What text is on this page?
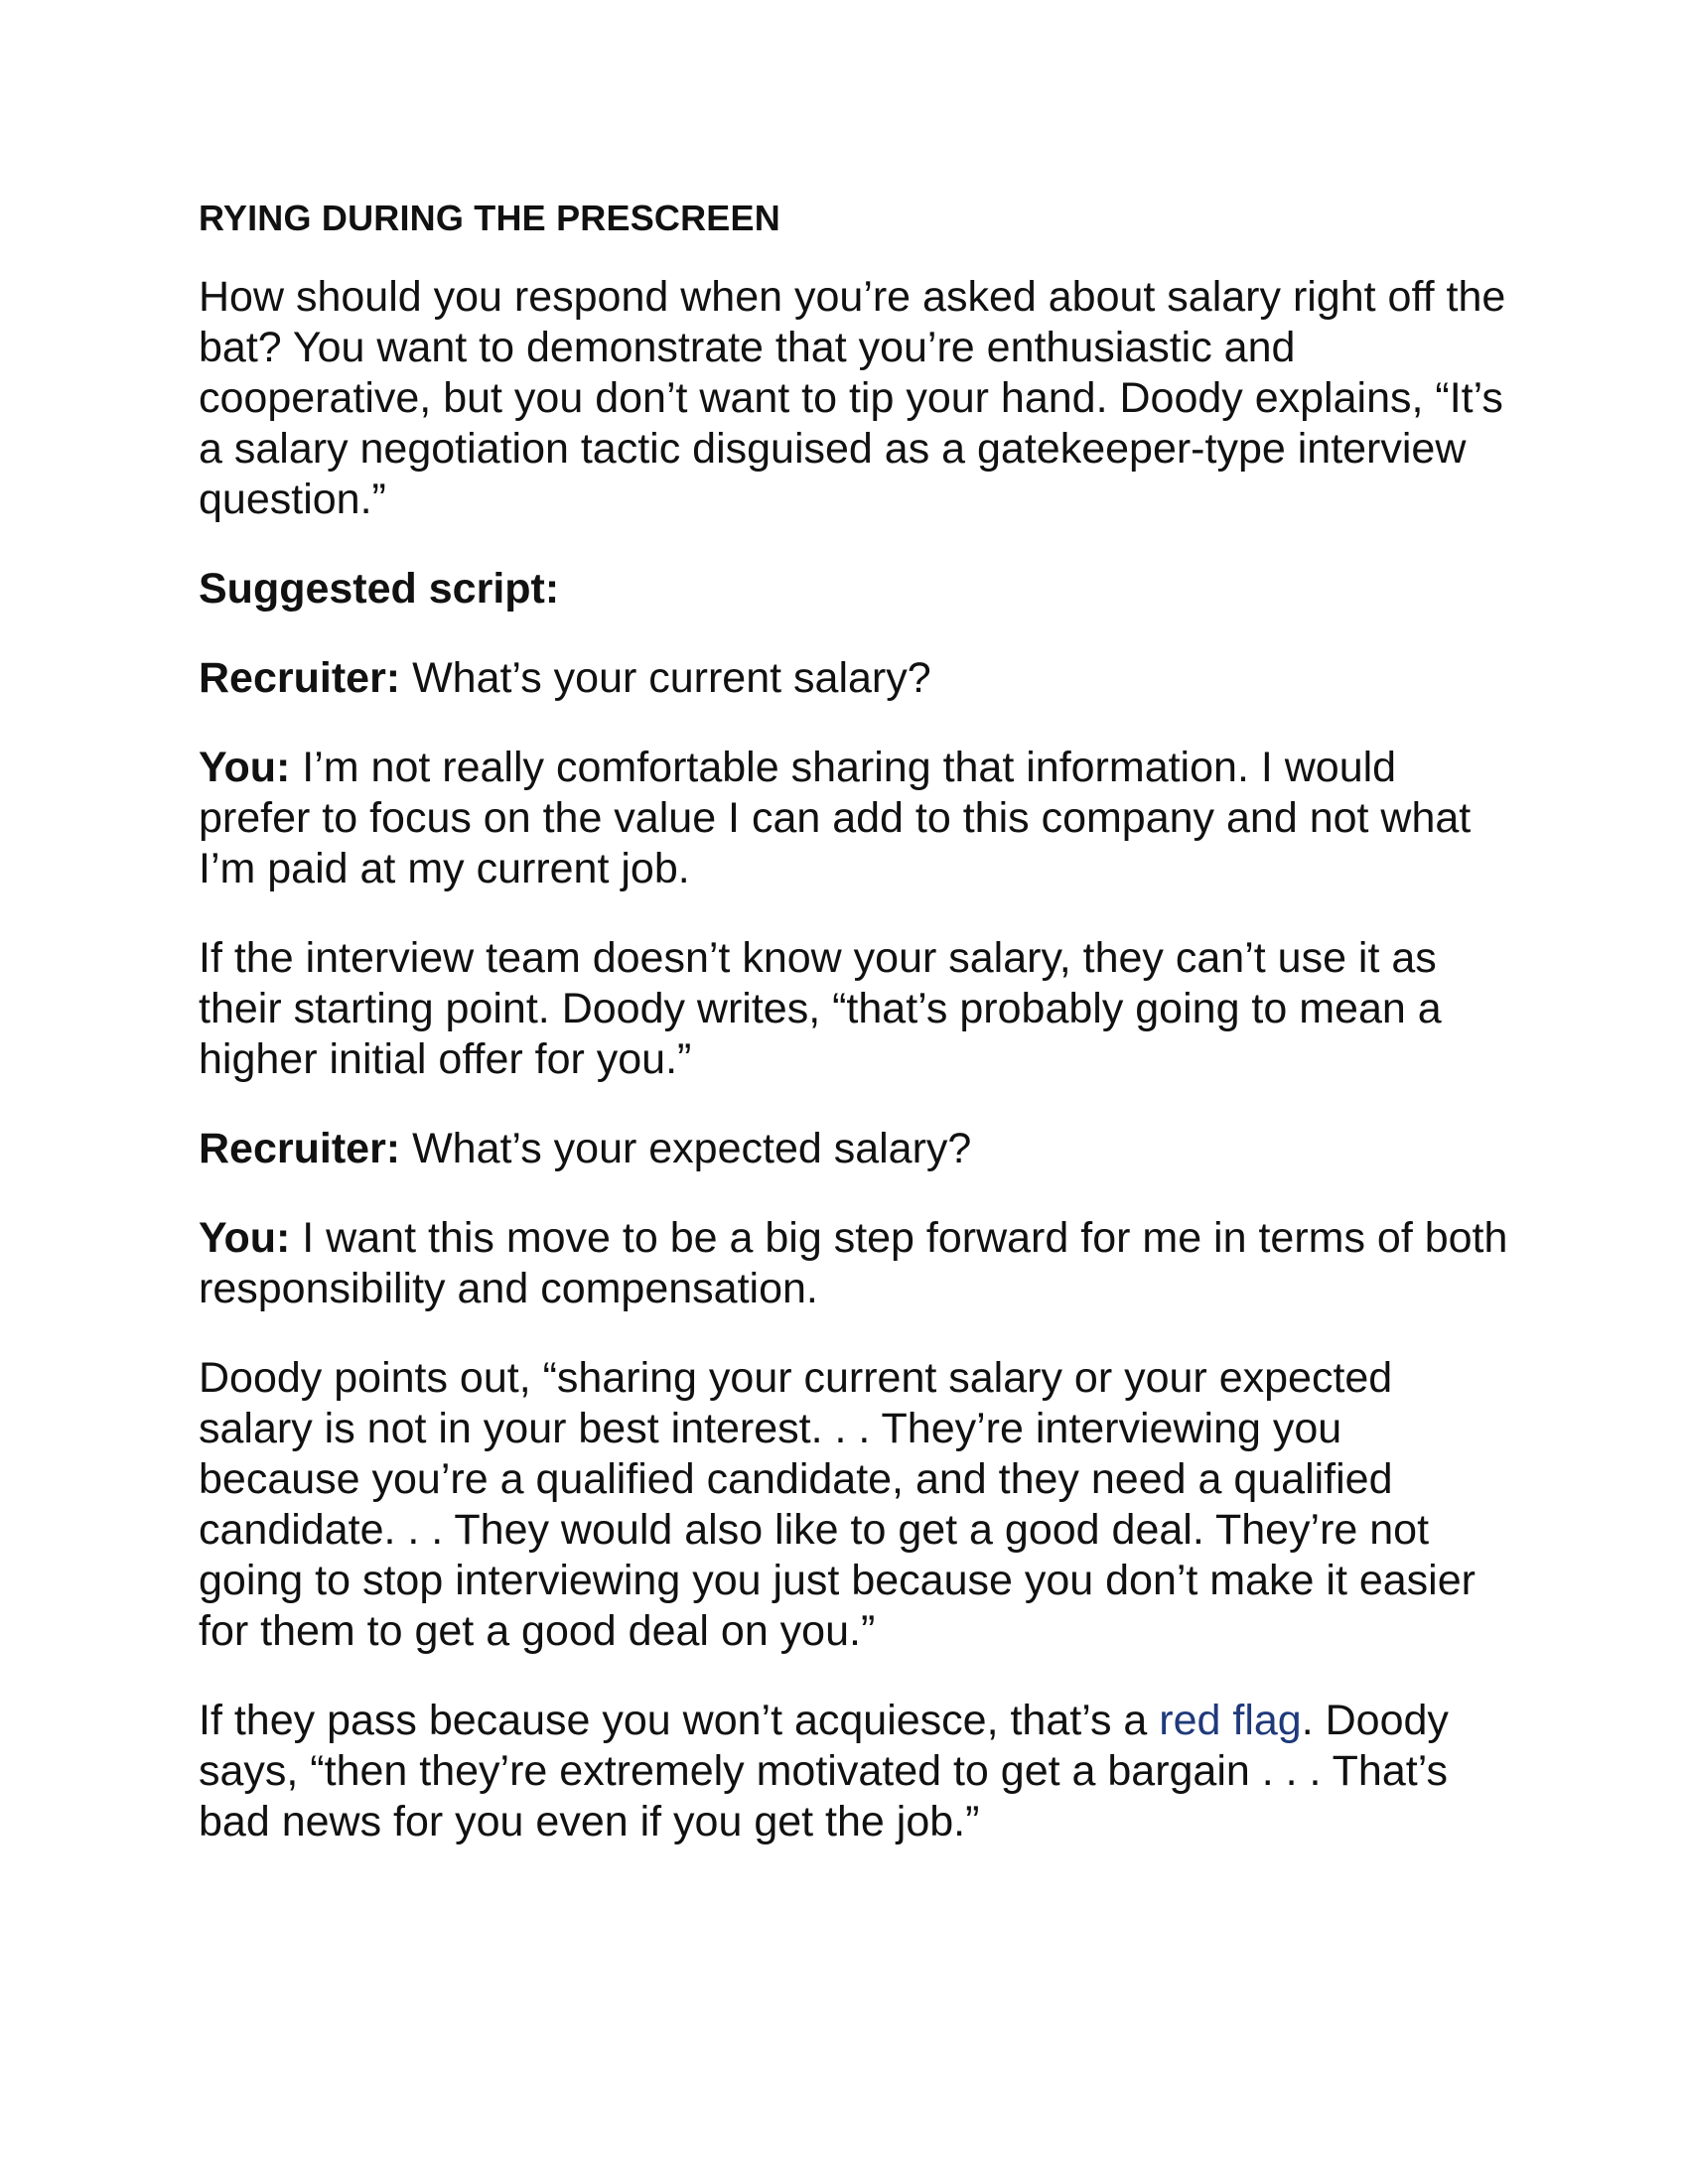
RYING DURING THE PRESCREEN

How should you respond when you’re asked about salary right off the bat? You want to demonstrate that you’re enthusiastic and cooperative, but you don’t want to tip your hand. Doody explains, “It’s a salary negotiation tactic disguised as a gatekeeper-type interview question.”

Suggested script:

Recruiter: What’s your current salary?

You: I’m not really comfortable sharing that information. I would prefer to focus on the value I can add to this company and not what I’m paid at my current job.

If the interview team doesn’t know your salary, they can’t use it as their starting point. Doody writes, “that’s probably going to mean a higher initial offer for you.”

Recruiter: What’s your expected salary?

You: I want this move to be a big step forward for me in terms of both responsibility and compensation.

Doody points out, “sharing your current salary or your expected salary is not in your best interest. . . They’re interviewing you because you’re a qualified candidate, and they need a qualified candidate. . . They would also like to get a good deal. They’re not going to stop interviewing you just because you don’t make it easier for them to get a good deal on you.”

If they pass because you won’t acquiesce, that’s a red flag. Doody says, “then they’re extremely motivated to get a bargain . . . That’s bad news for you even if you get the job.”
